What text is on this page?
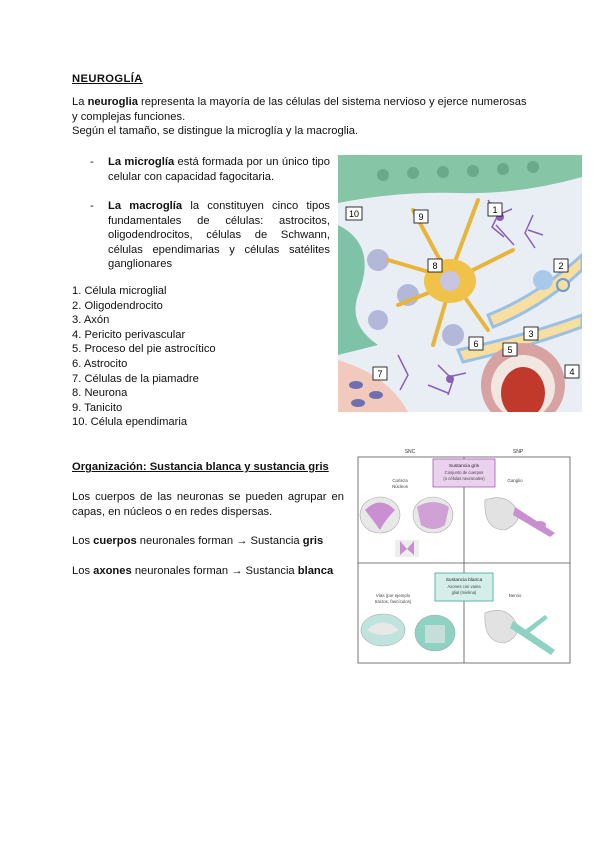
NEUROGLÍA

La neuroglia representa la mayoría de las células del sistema nervioso y ejerce numerosas y complejas funciones.

Según el tamaño, se distingue la microglía y la macroglia.

- La microglía está formada por un único tipo celular con capacidad fagocitaria.
- La macroglía la constituyen cinco tipos fundamentales de células: astrocitos, oligodendrocitos, células de Schwann, células ependimarias y células satélites ganglionares
1. Célula microglial
2. Oligodendrocito
3. Axón
4. Pericito perivascular
5. Proceso del pie astrocítico
6. Astrocito
7. Células de la piamadre
8. Neurona
9. Tanicito
10. Célula ependimaria
10	9
1
8	2
3
6
5
7	4
Organización: Sustancia blanca y sustancia gris
Los cuerpos de las neuronas se pueden agrupar en capas, en núcleos o en redes dispersas.
Los cuerpos neuronales forman → Sustancia gris
Los axones neuronales forman → Sustancia blanca
SNC	SNP
Sustancia gris
Conjunto de cuerpos
(o células neuronales)
Corteza
Núcleos
Ganglio
Sustancia blanca
Axones con vaina
glial (mielina)
Vías (por ejemplo
tractos, fascículos)
Nervio
